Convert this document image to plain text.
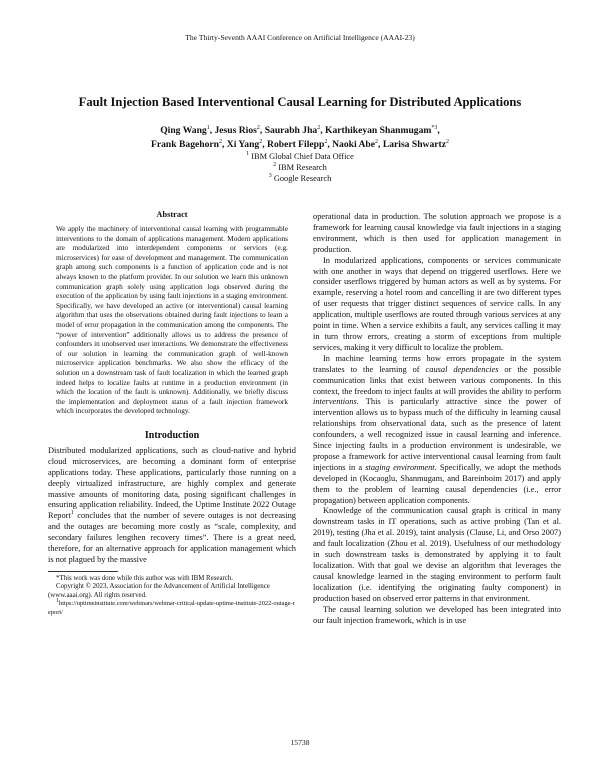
The Thirty-Seventh AAAI Conference on Artificial Intelligence (AAAI-23)
Fault Injection Based Interventional Causal Learning for Distributed Applications
Qing Wang$^1$, Jesus Rios$^2$, Saurabh Jha$^2$, Karthikeyan Shanmugam$^{*3}$,
Frank Bagehorn$^2$, Xi Yang$^2$, Robert Filepp$^2$, Naoki Abe$^2$, Larisa Shwartz$^2$
$^1$ IBM Global Chief Data Office
$^2$ IBM Research
$^3$ Google Research
Abstract

We apply the machinery of interventional causal learning with programmable interventions to the domain of applications management. Modern applications are modularized into interdependent components or services (e.g. microservices) for ease of development and management. The communication graph among such components is a function of application code and is not always known to the platform provider. In our solution we learn this unknown communication graph solely using application logs observed during the execution of the application by using fault injections in a staging environment. Specifically, we have developed an active (or interventional) causal learning algorithm that uses the observations obtained during fault injections to learn a model of error propagation in the communication among the components. The “power of intervention” additionally allows us to address the presence of confounders in unobserved user interactions. We demonstrate the effectiveness of our solution in learning the communication graph of well-known microservice application benchmarks. We also show the efficacy of the solution on a downstream task of fault localization in which the learned graph indeed helps to localize faults at runtime in a production environment (in which the location of the fault is unknown). Additionally, we briefly discuss the implementation and deployment status of a fault injection framework which incorporates the developed technology.

Introduction

Distributed modularized applications, such as cloud-native and hybrid cloud microservices, are becoming a dominant form of enterprise applications today. These applications, particularly those running on a deeply virtualized infrastructure, are highly complex and generate massive amounts of monitoring data, posing significant challenges in ensuring application reliability. Indeed, the Uptime Institute 2022 Outage Report$^1$ concludes that the number of severe outages is not decreasing and the outages are becoming more costly as “scale, complexity, and secondary failures lengthen recovery times”. There is a great need, therefore, for an alternative approach for application management which is not plagued by the massive

*This work was done while this author was with IBM Research.

Copyright © 2023, Association for the Advancement of Artificial Intelligence (www.aaai.org). All rights reserved.

$^1$https://uptimeinstitute.com/webinars/webinar-critical-update-uptime-institute-2022-outage-report/

operational data in production. The solution approach we propose is a framework for learning causal knowledge via fault injections in a staging environment, which is then used for application management in production.

In modularized applications, components or services communicate with one another in ways that depend on triggered userflows. Here we consider userflows triggered by human actors as well as by systems. For example, reserving a hotel room and cancelling it are two different types of user requests that trigger distinct sequences of service calls. In any application, multiple userflows are routed through various services at any point in time. When a service exhibits a fault, any services calling it may in turn throw errors, creating a storm of exceptions from multiple services, making it very difficult to localize the problem.

In machine learning terms how errors propagate in the system translates to the learning of causal dependencies or the possible communication links that exist between various components. In this context, the freedom to inject faults at will provides the ability to perform interventions. This is particularly attractive since the power of intervention allows us to bypass much of the difficulty in learning causal relationships from observational data, such as the presence of latent confounders, a well recognized issue in causal learning and inference. Since injecting faults in a production environment is undesirable, we propose a framework for active interventional causal learning from fault injections in a staging environment. Specifically, we adopt the methods developed in (Kocaoglu, Shanmugam, and Bareinboim 2017) and apply them to the problem of learning causal dependencies (i.e., error propagation) between application components.

Knowledge of the communication causal graph is critical in many downstream tasks in IT operations, such as active probing (Tan et al. 2019), testing (Jha et al. 2019), taint analysis (Clause, Li, and Orso 2007) and fault localization (Zhou et al. 2019). Usefulness of our methodology in such downstream tasks is demonstrated by applying it to fault localization. With that goal we devise an algorithm that leverages the causal knowledge learned in the staging environment to perform fault localization (i.e. identifying the originating faulty component) in production based on observed error patterns in that environment.

The causal learning solution we developed has been integrated into our fault injection framework, which is in use

15738
